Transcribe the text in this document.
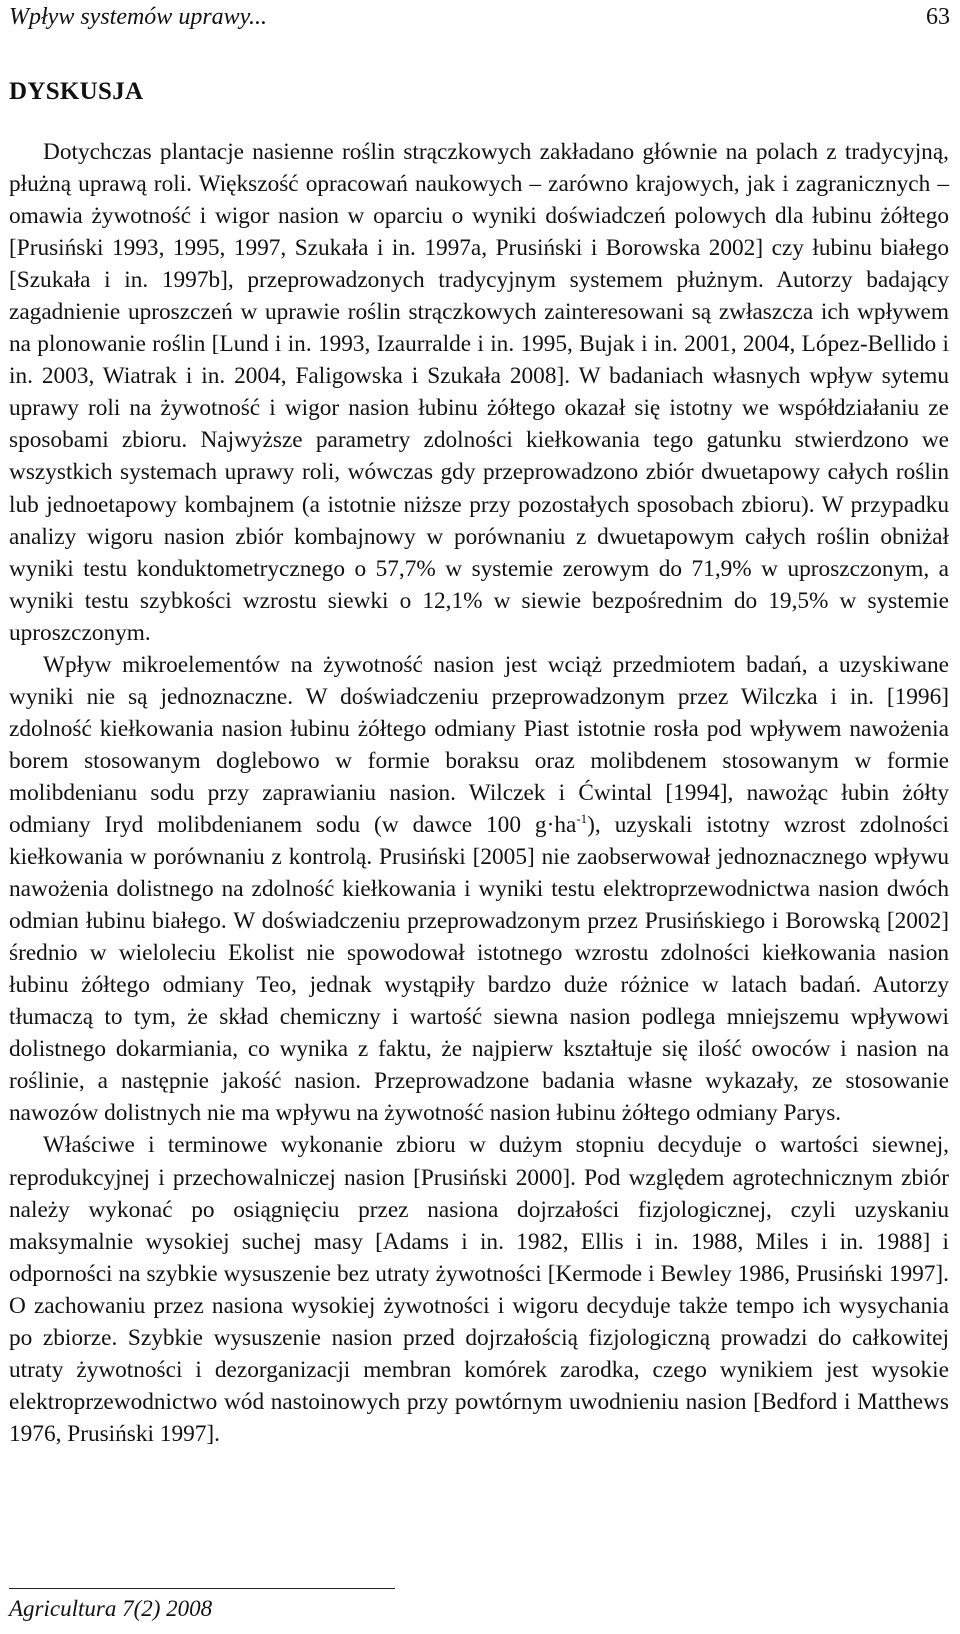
Wpływ systemów uprawy...	63
DYSKUSJA

Dotychczas plantacje nasienne roślin strączkowych zakładano głównie na polach z tradycyjną, płużną uprawą roli. Większość opracowań naukowych – zarówno krajowych, jak i zagranicznych – omawia żywotność i wigor nasion w oparciu o wyniki doświadczeń polowych dla łubinu żółtego [Prusiński 1993, 1995, 1997, Szukała i in. 1997a, Prusiński i Borowska 2002] czy łubinu białego [Szukała i in. 1997b], przeprowadzonych tradycyjnym systemem płużnym. Autorzy badający zagadnienie uproszczeń w uprawie roślin strączkowych zainteresowani są zwłaszcza ich wpływem na plonowanie roślin [Lund i in. 1993, Izaurralde i in. 1995, Bujak i in. 2001, 2004, López-Bellido i in. 2003, Wiatrak i in. 2004, Faligowska i Szukała 2008]. W badaniach własnych wpływ sytemu uprawy roli na żywotność i wigor nasion łubinu żółtego okazał się istotny we współdziałaniu ze sposobami zbioru. Najwyższe parametry zdolności kiełkowania tego gatunku stwierdzono we wszystkich systemach uprawy roli, wówczas gdy przeprowadzono zbiór dwuetapowy całych roślin lub jednoetapowy kombajnem (a istotnie niższe przy pozostałych sposobach zbioru). W przypadku analizy wigoru nasion zbiór kombajnowy w porównaniu z dwuetapowym całych roślin obniżał wyniki testu konduktometrycznego o 57,7% w systemie zerowym do 71,9% w uproszczonym, a wyniki testu szybkości wzrostu siewki o 12,1% w siewie bezpośrednim do 19,5% w systemie uproszczonym.

Wpływ mikroelementów na żywotność nasion jest wciąż przedmiotem badań, a uzyskiwane wyniki nie są jednoznaczne. W doświadczeniu przeprowadzonym przez Wilczka i in. [1996] zdolność kiełkowania nasion łubinu żółtego odmiany Piast istotnie rosła pod wpływem nawożenia borem stosowanym doglebowo w formie boraksu oraz molibdenem stosowanym w formie molibdenianu sodu przy zaprawianiu nasion. Wilczek i Ćwintal [1994], nawożąc łubin żółty odmiany Iryd molibdenianem sodu (w dawce 100 $g\cdot ha^{-1}$), uzyskali istotny wzrost zdolności kiełkowania w porównaniu z kontrolą. Prusiński [2005] nie zaobserwował jednoznacznego wpływu nawożenia dolistnego na zdolność kiełkowania i wyniki testu elektroprzewodnictwa nasion dwóch odmian łubinu białego. W doświadczeniu przeprowadzonym przez Prusińskiego i Borowską [2002] średnio w wieloleciu Ekolist nie spowodował istotnego wzrostu zdolności kiełkowania nasion łubinu żółtego odmiany Teo, jednak wystąpiły bardzo duże różnice w latach badań. Autorzy tłumaczą to tym, że skład chemiczny i wartość siewna nasion podlega mniejszemu wpływowi dolistnego dokarmiania, co wynika z faktu, że najpierw kształtuje się ilość owoców i nasion na roślinie, a następnie jakość nasion. Przeprowadzone badania własne wykazały, ze stosowanie nawozów dolistnych nie ma wpływu na żywotność nasion łubinu żółtego odmiany Parys.

Właściwe i terminowe wykonanie zbioru w dużym stopniu decyduje o wartości siewnej, reprodukcyjnej i przechowalniczej nasion [Prusiński 2000]. Pod względem agrotechnicznym zbiór należy wykonać po osiągnięciu przez nasiona dojrzałości fizjologicznej, czyli uzyskaniu maksymalnie wysokiej suchej masy [Adams i in. 1982, Ellis i in. 1988, Miles i in. 1988] i odporności na szybkie wysuszenie bez utraty żywotności [Kermode i Bewley 1986, Prusiński 1997]. O zachowaniu przez nasiona wysokiej żywotności i wigoru decyduje także tempo ich wysychania po zbiorze. Szybkie wysuszenie nasion przed dojrzałością fizjologiczną prowadzi do całkowitej utraty żywotności i dezorganizacji membran komórek zarodka, czego wynikiem jest wysokie elektroprzewodnictwo wód nastoinowych przy powtórnym uwodnieniu nasion [Bedford i Matthews 1976, Prusiński 1997].

Agricultura 7(2) 2008
